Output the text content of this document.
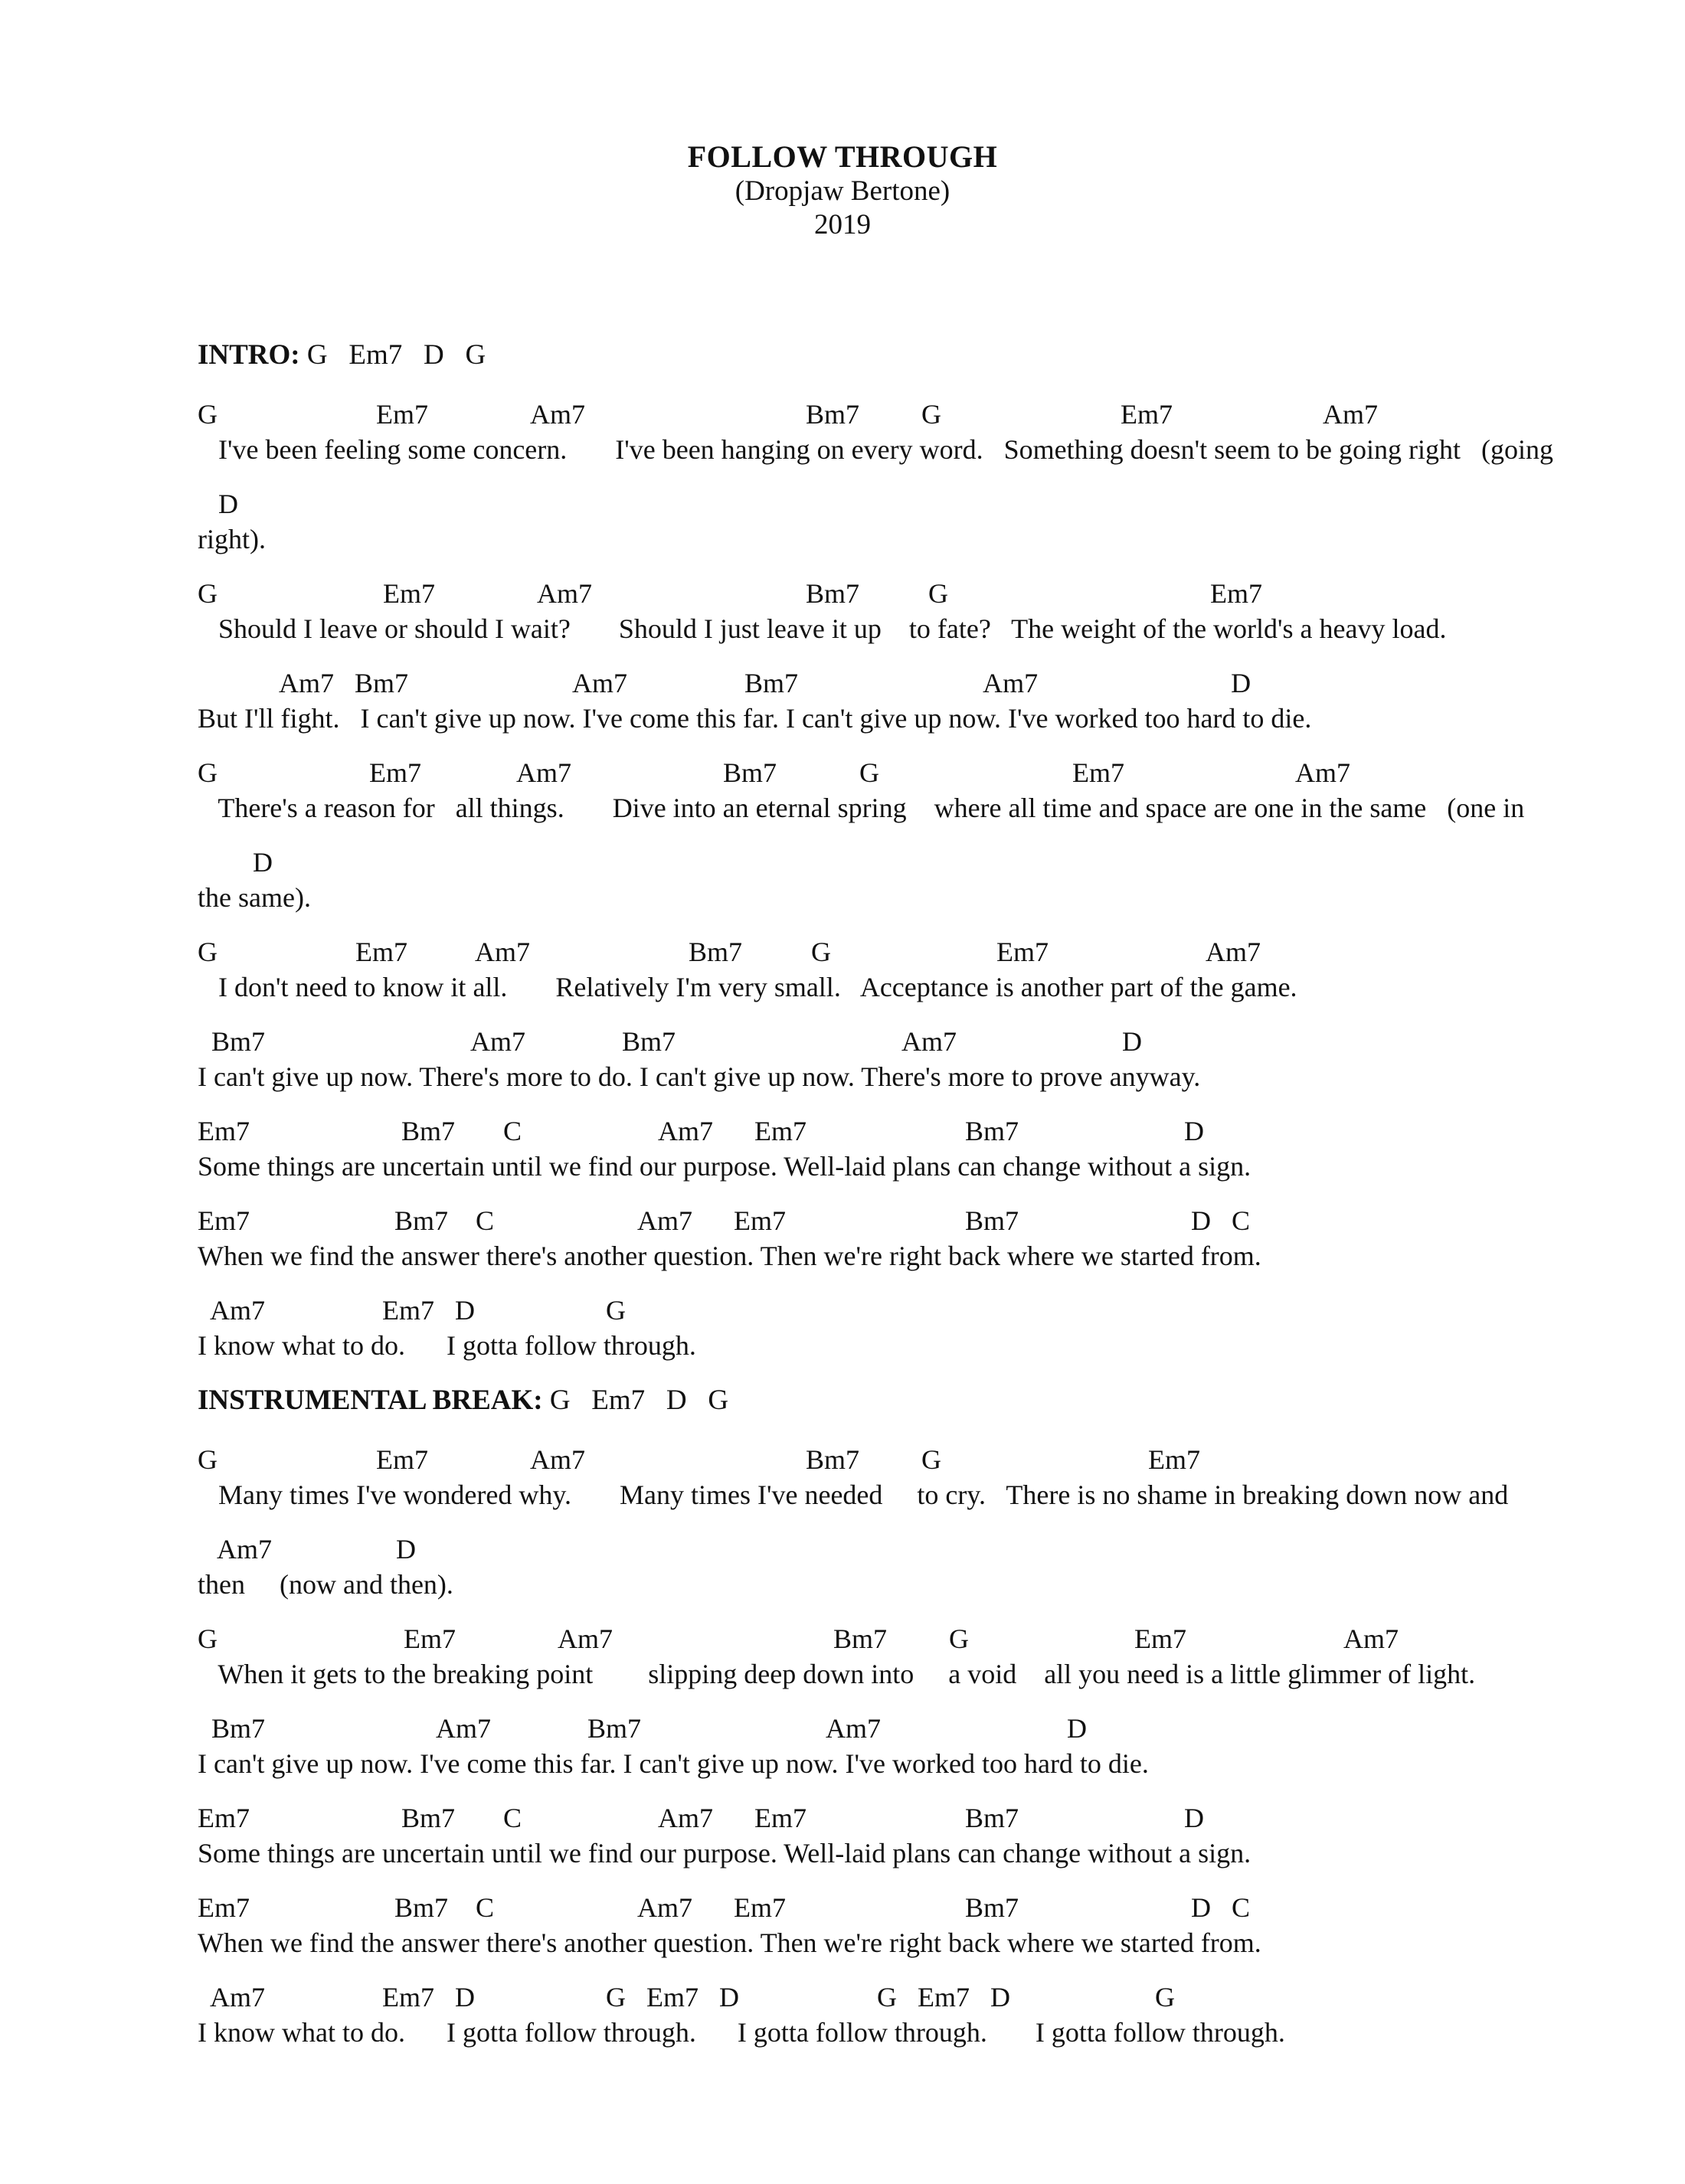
FOLLOW THROUGH
(Dropjaw Bertone)
2019
INTRO: G   Em7   D   G
G                       Em7               Am7                                Bm7         G                          Em7                      Am7
I've been feeling some concern.       I've been hanging on every word.   Something doesn't seem to be going right   (going
D
right).
G                        Em7               Am7                               Bm7          G                                      Em7
Should I leave or should I wait?       Should I just leave it up    to fate?   The weight of the world's a heavy load.
Am7   Bm7                        Am7                 Bm7                           Am7                            D
But I'll fight.   I can't give up now. I've come this far. I can't give up now. I've worked too hard to die.
G                      Em7              Am7                      Bm7            G                            Em7                         Am7
There's a reason for   all things.       Dive into an eternal spring    where all time and space are one in the same   (one in
D
the same).
G                    Em7          Am7                       Bm7          G                        Em7                       Am7
I don't need to know it all.       Relatively I'm very small.   Acceptance is another part of the game.
Bm7                              Am7              Bm7                                 Am7                        D
I can't give up now. There's more to do. I can't give up now. There's more to prove anyway.
Em7                      Bm7       C                    Am7      Em7                       Bm7                        D
Some things are uncertain until we find our purpose. Well-laid plans can change without a sign.
Em7                     Bm7    C                     Am7      Em7                          Bm7                         D   C
When we find the answer there's another question. Then we're right back where we started from.
Am7                 Em7   D                   G
I know what to do.      I gotta follow through.
INSTRUMENTAL BREAK: G   Em7   D   G
G                       Em7               Am7                                Bm7         G                              Em7
Many times I've wondered why.       Many times I've needed     to cry.   There is no shame in breaking down now and
Am7                  D
then     (now and then).
G                           Em7               Am7                                Bm7         G                        Em7                       Am7
When it gets to the breaking point        slipping deep down into     a void    all you need is a little glimmer of light.
Bm7                         Am7              Bm7                           Am7                           D
I can't give up now. I've come this far. I can't give up now. I've worked too hard to die.
Em7                      Bm7       C                    Am7      Em7                       Bm7                        D
Some things are uncertain until we find our purpose. Well-laid plans can change without a sign.
Em7                     Bm7    C                     Am7      Em7                          Bm7                         D   C
When we find the answer there's another question. Then we're right back where we started from.
Am7                 Em7   D                   G   Em7   D                    G   Em7   D                     G
I know what to do.      I gotta follow through.      I gotta follow through.       I gotta follow through.
